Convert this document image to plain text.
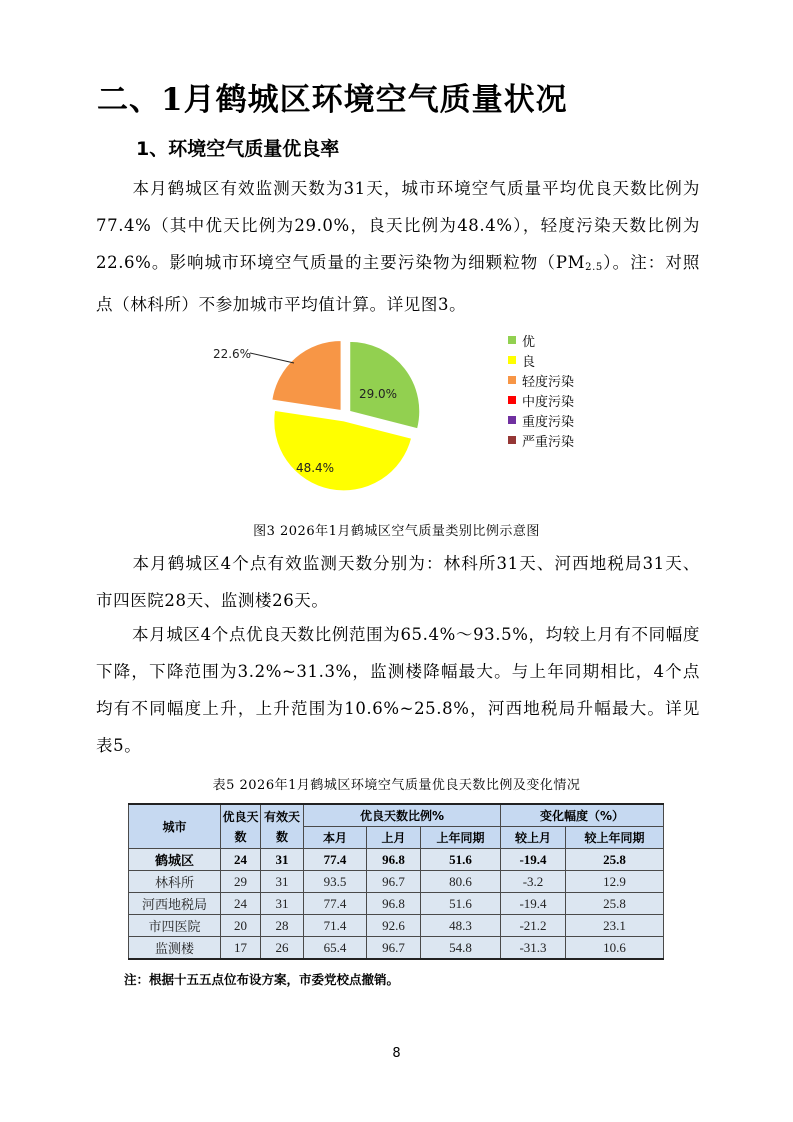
二、1月鹤城区环境空气质量状况
1、环境空气质量优良率
本月鹤城区有效监测天数为31天，城市环境空气质量平均优良天数比例为77.4%（其中优天比例为29.0%，良天比例为48.4%），轻度污染天数比例为22.6%。影响城市环境空气质量的主要污染物为细颗粒物$(PM_{2.5})$。注：对照点（林科所）不参加城市平均值计算。详见图3。
29.0%
48.4%
22.6%
优
良
轻度污染
中度污染
重度污染
严重污染
图3 2026年1月鹤城区空气质量类别比例示意图
本月鹤城区4个点有效监测天数分别为：林科所31天、河西地税局31天、市四医院28天、监测楼26天。
本月城区4个点优良天数比例范围为65.4%～93.5%，均较上月有不同幅度下降，下降范围为3.2%~31.3%，监测楼降幅最大。与上年同期相比，4个点均有不同幅度上升，上升范围为10.6%~25.8%，河西地税局升幅最大。详见表5。
表5 2026年1月鹤城区环境空气质量优良天数比例及变化情况
城市	优良天数	有效天数	优良天数比例%			变化幅度（%）	
			本月	上月	上年同期	较上月	较上年同期
鹤城区	24	31	77.4	96.8	51.6	-19.4	25.8
林科所	29	31	93.5	96.7	80.6	-3.2	12.9
河西地税局	24	31	77.4	96.8	51.6	-19.4	25.8
市四医院	20	28	71.4	92.6	48.3	-21.2	23.1
监测楼	17	26	65.4	96.7	54.8	-31.3	10.6
注：根据十五五点位布设方案，市委党校点撤销。
8
